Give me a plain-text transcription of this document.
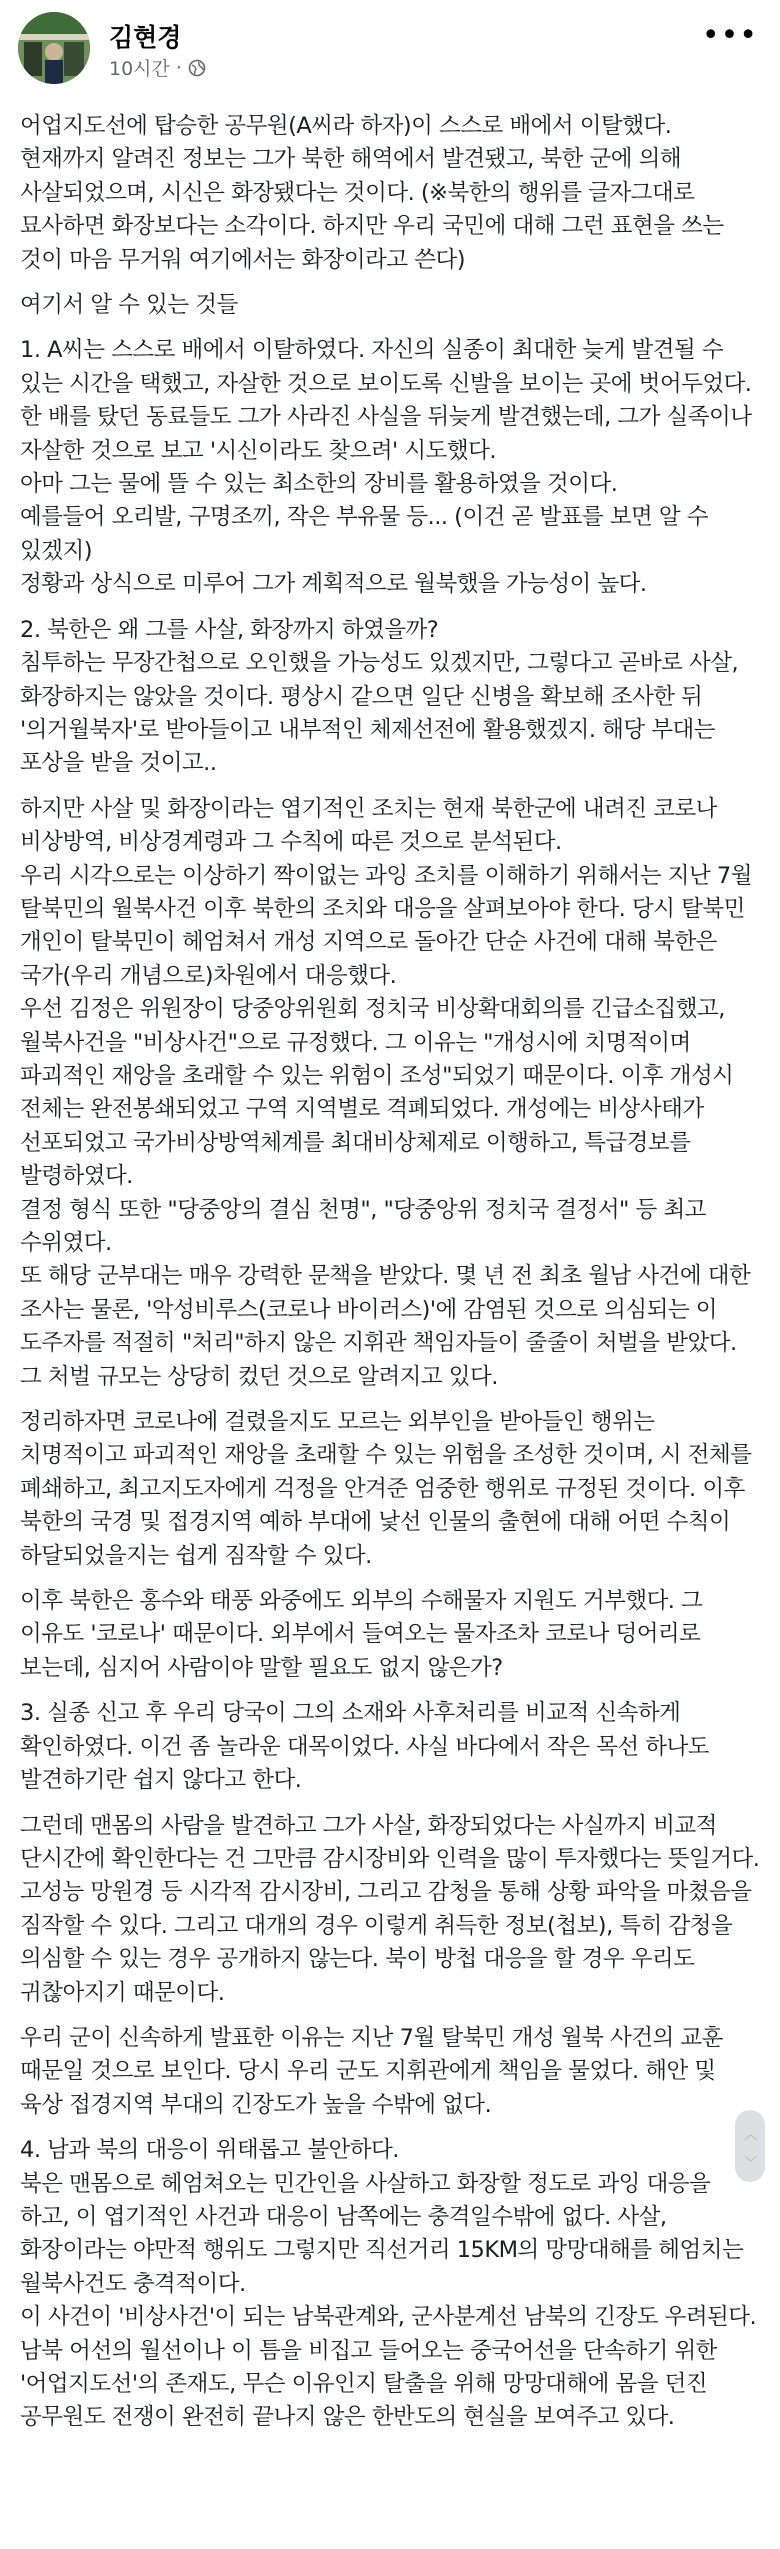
김현경
10시간 ·
•••

어업지도선에 탑승한 공무원(A씨라 하자)이 스스로 배에서 이탈했다. 현재까지 알려진 정보는 그가 북한 해역에서 발견됐고, 북한 군에 의해 사살되었으며, 시신은 화장됐다는 것이다. (※북한의 행위를 글자그대로 묘사하면 화장보다는 소각이다. 하지만 우리 국민에 대해 그런 표현을 쓰는 것이 마음 무거워 여기에서는 화장이라고 쓴다)

여기서 알 수 있는 것들

1. A씨는 스스로 배에서 이탈하였다. 자신의 실종이 최대한 늦게 발견될 수 있는 시간을 택했고, 자살한 것으로 보이도록 신발을 보이는 곳에 벗어두었다.
한 배를 탔던 동료들도 그가 사라진 사실을 뒤늦게 발견했는데, 그가 실족이나 자살한 것으로 보고 '시신이라도 찾으려' 시도했다.
아마 그는 물에 뜰 수 있는 최소한의 장비를 활용하였을 것이다.
예를들어 오리발, 구명조끼, 작은 부유물 등... (이건 곧 발표를 보면 알 수 있겠지)
정황과 상식으로 미루어 그가 계획적으로 월북했을 가능성이 높다.

2. 북한은 왜 그를 사살, 화장까지 하였을까?
침투하는 무장간첩으로 오인했을 가능성도 있겠지만, 그렇다고 곧바로 사살, 화장하지는 않았을 것이다. 평상시 같으면 일단 신병을 확보해 조사한 뒤 '의거월북자'로 받아들이고 내부적인 체제선전에 활용했겠지. 해당 부대는 포상을 받을 것이고..

하지만 사살 및 화장이라는 엽기적인 조치는 현재 북한군에 내려진 코로나 비상방역, 비상경계령과 그 수칙에 따른 것으로 분석된다.
우리 시각으로는 이상하기 짝이없는 과잉 조치를 이해하기 위해서는 지난 7월 탈북민의 월북사건 이후 북한의 조치와 대응을 살펴보아야 한다. 당시 탈북민 개인이 탈북민이 헤엄쳐서 개성 지역으로 돌아간 단순 사건에 대해 북한은 국가(우리 개념으로)차원에서 대응했다.
우선 김정은 위원장이 당중앙위원회 정치국 비상확대회의를 긴급소집했고, 월북사건을 "비상사건"으로 규정했다. 그 이유는 "개성시에 치명적이며 파괴적인 재앙을 초래할 수 있는 위험이 조성"되었기 때문이다. 이후 개성시 전체는 완전봉쇄되었고 구역 지역별로 격폐되었다. 개성에는 비상사태가 선포되었고 국가비상방역체계를 최대비상체제로 이행하고, 특급경보를 발령하였다.
결정 형식 또한 "당중앙의 결심 천명", "당중앙위 정치국 결정서" 등 최고 수위였다.
또 해당 군부대는 매우 강력한 문책을 받았다. 몇 년 전 최초 월남 사건에 대한 조사는 물론, '악성비루스(코로나 바이러스)'에 감염된 것으로 의심되는 이 도주자를 적절히 "처리"하지 않은 지휘관 책임자들이 줄줄이 처벌을 받았다. 그 처벌 규모는 상당히 컸던 것으로 알려지고 있다.

정리하자면 코로나에 걸렸을지도 모르는 외부인을 받아들인 행위는 치명적이고 파괴적인 재앙을 초래할 수 있는 위험을 조성한 것이며, 시 전체를 폐쇄하고, 최고지도자에게 걱정을 안겨준 엄중한 행위로 규정된 것이다. 이후 북한의 국경 및 접경지역 예하 부대에 낯선 인물의 출현에 대해 어떤 수칙이 하달되었을지는 쉽게 짐작할 수 있다.

이후 북한은 홍수와 태풍 와중에도 외부의 수해물자 지원도 거부했다. 그 이유도 '코로나' 때문이다. 외부에서 들여오는 물자조차 코로나 덩어리로 보는데, 심지어 사람이야 말할 필요도 없지 않은가?

3. 실종 신고 후 우리 당국이 그의 소재와 사후처리를 비교적 신속하게 확인하였다. 이건 좀 놀라운 대목이었다. 사실 바다에서 작은 목선 하나도 발견하기란 쉽지 않다고 한다.

그런데 맨몸의 사람을 발견하고 그가 사살, 화장되었다는 사실까지 비교적 단시간에 확인한다는 건 그만큼 감시장비와 인력을 많이 투자했다는 뜻일거다. 고성능 망원경 등 시각적 감시장비, 그리고 감청을 통해 상황 파악을 마쳤음을 짐작할 수 있다. 그리고 대개의 경우 이렇게 취득한 정보(첩보), 특히 감청을 의심할 수 있는 경우 공개하지 않는다. 북이 방첩 대응을 할 경우 우리도 귀찮아지기 때문이다.

우리 군이 신속하게 발표한 이유는 지난 7월 탈북민 개성 월북 사건의 교훈 때문일 것으로 보인다. 당시 우리 군도 지휘관에게 책임을 물었다. 해안 및 육상 접경지역 부대의 긴장도가 높을 수밖에 없다.

4. 남과 북의 대응이 위태롭고 불안하다.
북은 맨몸으로 헤엄쳐오는 민간인을 사살하고 화장할 정도로 과잉 대응을 하고, 이 엽기적인 사건과 대응이 남쪽에는 충격일수밖에 없다. 사살, 화장이라는 야만적 행위도 그렇지만 직선거리 15KM의 망망대해를 헤엄치는 월북사건도 충격적이다.
이 사건이 '비상사건'이 되는 남북관계와, 군사분계선 남북의 긴장도 우려된다. 남북 어선의 월선이나 이 틈을 비집고 들어오는 중국어선을 단속하기 위한 '어업지도선'의 존재도, 무슨 이유인지 탈출을 위해 망망대해에 몸을 던진 공무원도 전쟁이 완전히 끝나지 않은 한반도의 현실을 보여주고 있다.

︿
﹀
